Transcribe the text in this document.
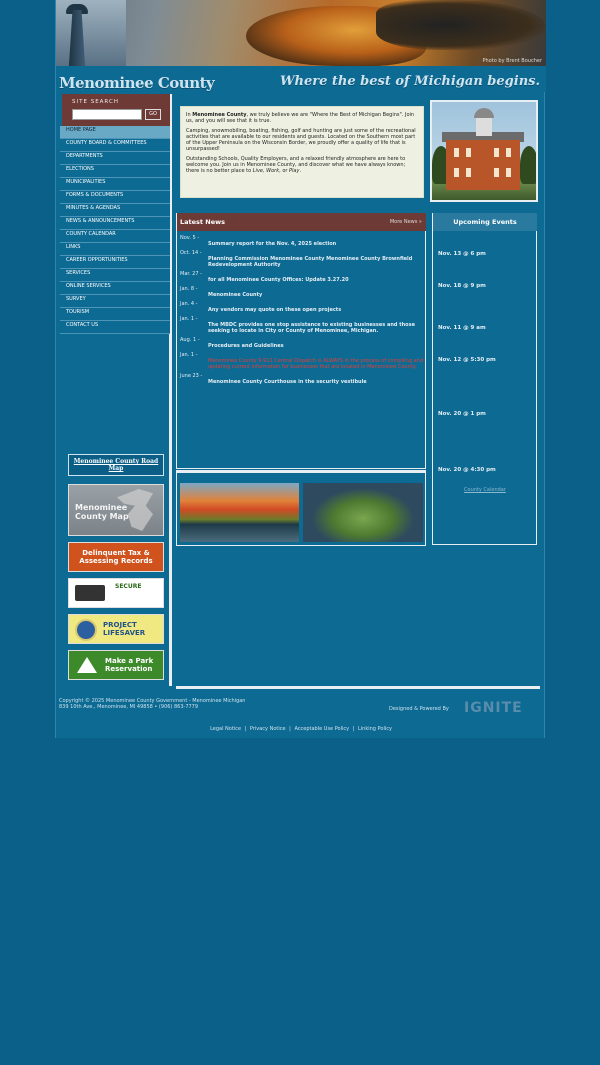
Photo by Brent Boucher
Menominee County	Where the best of Michigan begins.
SITE SEARCH
GO
HOME PAGE
COUNTY BOARD & COMMITTEES
DEPARTMENTS
ELECTIONS
MUNICIPALITIES
FORMS & DOCUMENTS
MINUTES & AGENDAS
NEWS & ANNOUNCEMENTS
COUNTY CALENDAR
LINKS
CAREER OPPORTUNITIES
SERVICES
ONLINE SERVICES
SURVEY
TOURISM
CONTACT US
Menominee County Road Map
Menominee County Map
Delinquent Tax & Assessing Records
SECURE
PROJECT LIFESAVER
Make a Park Reservation

In Menominee County, we truly believe we are "Where the Best of Michigan Begins". Join us, and you will see that it is true.

Camping, snowmobiling, boating, fishing, golf and hunting are just some of the recreational activities that are available to our residents and guests. Located on the Southern most part of the Upper Peninsula on the Wisconsin Border, we proudly offer a quality of life that is unsurpassed!

Outstanding Schools, Quality Employers, and a relaxed friendly atmosphere are here to welcome you. Join us in Menominee County, and discover what we have always known; there is no better place to Live, Work, or Play.

Latest News	More News »
Nov. 5 -
Summary report for the Nov. 4, 2025 election
Oct. 14 -
Planning Commission Menominee County Menominee County Brownfield Redevelopment Authority
Mar. 27 -
for all Menominee County Offices: Update 3.27.20
Jan. 8 -
Menominee County
Jan. 4 -
Any vendors may quote on these open projects
Jan. 1 -
The MBDC provides one stop assistance to existing businesses and those seeking to locate in City or County of Menominee, Michigan.
Aug. 1 -
Procedures and Guidelines
Jan. 1 -
Menominee County 9-911 Central Dispatch is ALWAYS in the process of compiling and updating current information for businesses that are located in Menominee County.
June 23 -
Menominee County Courthouse in the security vestibule
Upcoming Events
Nov. 13 @ 6 pm
Nov. 18 @ 9 pm
Nov. 11 @ 9 am
Nov. 12 @ 5:30 pm
Nov. 20 @ 1 pm
Nov. 20 @ 4:30 pm
County Calendar
Copyright © 2025 Menominee County Government - Menominee Michigan
839 10th Ave., Menominee, MI 49858 • (906) 863-7779	Designed & Powered By IGNITE
Legal Notice | Privacy Notice | Acceptable Use Policy | Linking Policy
